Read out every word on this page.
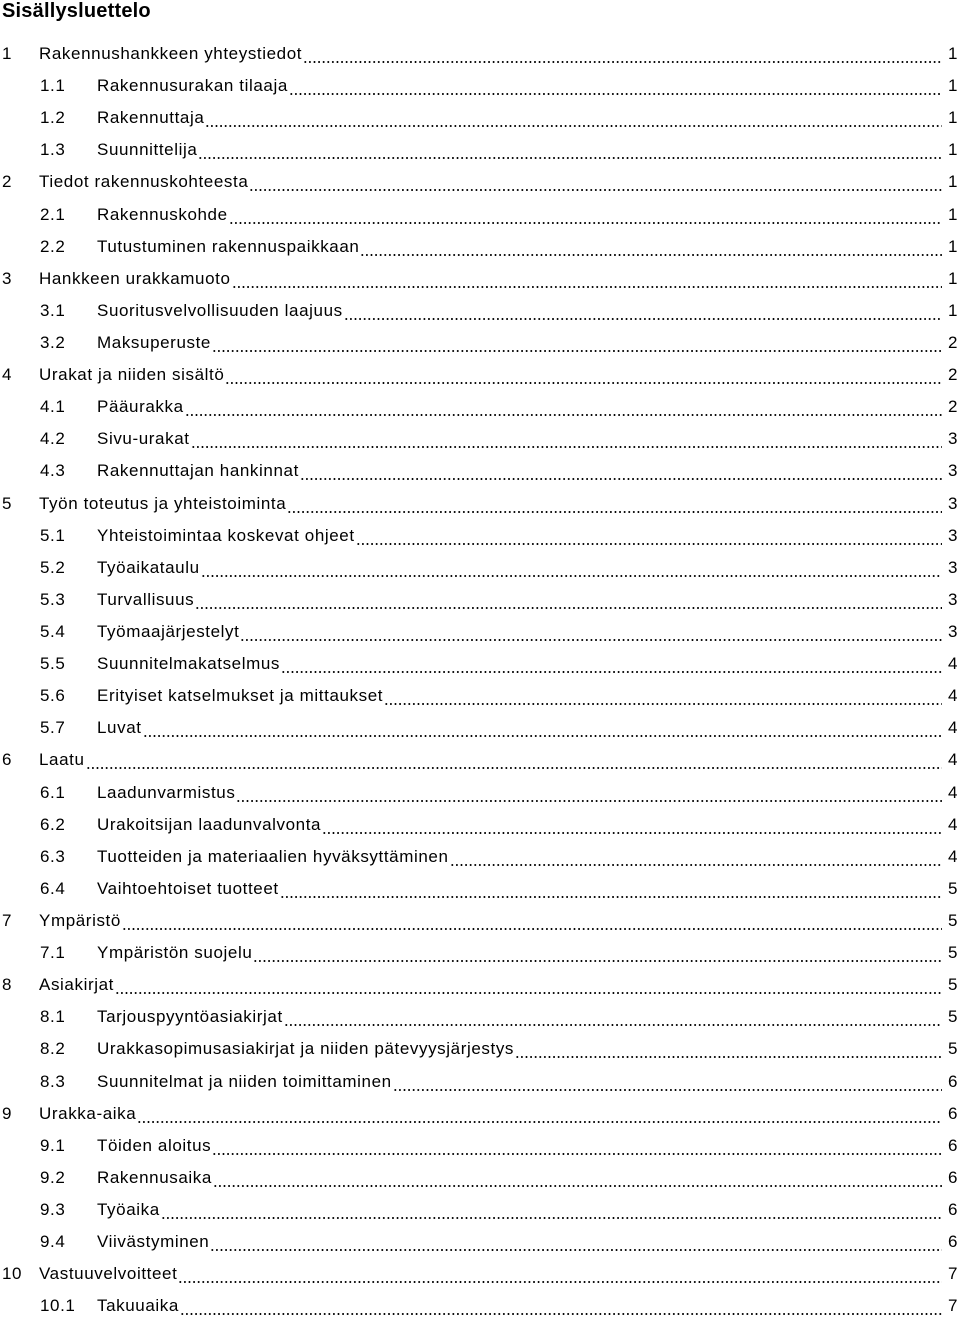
Sisällysluettelo
1	Rakennushankkeen yhteystiedot	1
1.1	Rakennusurakan tilaaja	1
1.2	Rakennuttaja	1
1.3	Suunnittelija	1
2	Tiedot rakennuskohteesta	1
2.1	Rakennuskohde	1
2.2	Tutustuminen rakennuspaikkaan	1
3	Hankkeen urakkamuoto	1
3.1	Suoritusvelvollisuuden laajuus	1
3.2	Maksuperuste	2
4	Urakat ja niiden sisältö	2
4.1	Pääurakka	2
4.2	Sivu-urakat	3
4.3	Rakennuttajan hankinnat	3
5	Työn toteutus ja yhteistoiminta	3
5.1	Yhteistoimintaa koskevat ohjeet	3
5.2	Työaikataulu	3
5.3	Turvallisuus	3
5.4	Työmaajärjestelyt	3
5.5	Suunnitelmakatselmus	4
5.6	Erityiset katselmukset ja mittaukset	4
5.7	Luvat	4
6	Laatu	4
6.1	Laadunvarmistus	4
6.2	Urakoitsijan laadunvalvonta	4
6.3	Tuotteiden ja materiaalien hyväksyttäminen	4
6.4	Vaihtoehtoiset tuotteet	5
7	Ympäristö	5
7.1	Ympäristön suojelu	5
8	Asiakirjat	5
8.1	Tarjouspyyntöasiakirjat	5
8.2	Urakkasopimusasiakirjat ja niiden pätevyysjärjestys	5
8.3	Suunnitelmat ja niiden toimittaminen	6
9	Urakka-aika	6
9.1	Töiden aloitus	6
9.2	Rakennusaika	6
9.3	Työaika	6
9.4	Viivästyminen	6
10 Vastuuvelvoitteet	7
10.1	Takuuaika	7
